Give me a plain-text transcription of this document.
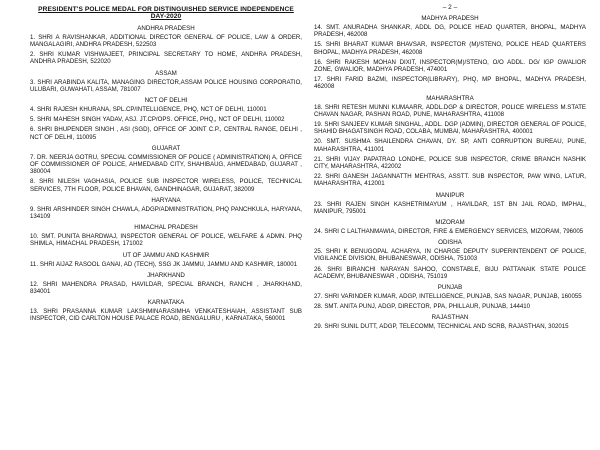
PRESIDENT'S POLICE MEDAL FOR DISTINGUISHED SERVICE INDEPENDENCE DAY-2020
ANDHRA PRADESH
1. SHRI A RAVISHANKAR, ADDITIONAL DIRECTOR GENERAL OF POLICE, LAW & ORDER, MANGALAGIRI, ANDHRA PRADESH, 522503
2. SHRI KUMAR VISHWAJEET, PRINCIPAL SECRETARY TO HOME, ANDHRA PRADESH, ANDHRA PRADESH, 522020
ASSAM
3. SHRI ARABINDA KALITA, MANAGING DIRECTOR,ASSAM POLICE HOUSING CORPORATIO, ULUBARI, GUWAHATI, ASSAM, 781007
NCT OF DELHI
4. SHRI RAJESH KHURANA, SPL.CP/INTELLIGENCE, PHQ, NCT OF DELHI, 110001
5. SHRI MAHESH SINGH YADAV, ASJ. JT.CP/OPS. OFFICE, PHQ,, NCT OF DELHI, 110002
6. SHRI BHUPENDER SINGH , ASI (SGD), OFFICE OF JOINT C.P., CENTRAL RANGE, DELHI , NCT OF DELHI, 110095
GUJARAT
7. DR. NEERJA GOTRU, SPECIAL COMMISSIONER OF POLICE ( ADMINISTRATION) A, OFFICE OF COMMISSIONER OF POLICE, AHMEDABAD CITY, SHAHIBAUG, AHMEDABAD, GUJARAT , 380004
8. SHRI NILESH VAGHASIA, POLICE SUB INSPECTOR WIRELESS, POLICE, TECHNICAL SERVICES, 7TH FLOOR, POLICE BHAVAN, GANDHINAGAR, GUJARAT, 382009
HARYANA
9. SHRI ARSHINDER SINGH CHAWLA, ADGP/ADMINISTRATION, PHQ PANCHKULA, HARYANA, 134109
HIMACHAL PRADESH
10. SMT. PUNITA BHARDWAJ, INSPECTOR GENERAL OF POLICE, WELFARE & ADMN. PHQ SHIMLA, HIMACHAL PRADESH, 171002
UT OF JAMMU AND KASHMIR
11. SHRI AIJAZ RASOOL GANAI, AD (TECH), SSG JK JAMMU, JAMMU AND KASHMIR, 180001
JHARKHAND
12. SHRI MAHENDRA PRASAD, HAVILDAR, SPECIAL BRANCH, RANCHI , JHARKHAND, 834001
KARNATAKA
13. SHRI PRASANNA KUMAR LAKSHMINARASIMHA VENKATESHAIAH, ASSISTANT SUB INSPECTOR, CID CARLTON HOUSE PALACE ROAD, BENGALURU , KARNATAKA, 560001
– 2 –
MADHYA PRADESH
14. SMT. ANURADHA SHANKAR, ADDL DG, POLICE HEAD QUARTER, BHOPAL, MADHYA PRADESH, 462008
15. SHRI BHARAT KUMAR BHAVSAR, INSPECTOR (M)/STENO, POLICE HEAD QUARTERS BHOPAL, MADHYA PRADESH, 462008
16. SHRI RAKESH MOHAN DIXIT, INSPECTOR(M)/STENO, O/O ADDL. DG/ IGP GWALIOR ZONE, GWALIOR, MADHYA PRADESH, 474001
17. SHRI FARID BAZMI, INSPECTOR(LIBRARY), PHQ, MP BHOPAL, MADHYA PRADESH, 462008
MAHARASHTRA
18. SHRI RETESH MUNNI KUMAARR, ADDL.DGP & DIRECTOR, POLICE WIRELESS M.STATE CHAVAN NAGAR, PASHAN ROAD, PUNE, MAHARASHTRA, 411008
19. SHRI SANJEEV KUMAR SINGHAL, ADDL. DGP (ADMIN), DIRECTOR GENERAL OF POLICE, SHAHID BHAGATSINGH ROAD, COLABA, MUMBAI, MAHARASHTRA, 400001
20. SMT. SUSHMA SHAILENDRA CHAVAN, DY. SP, ANTI CORRUPTION BUREAU, PUNE, MAHARASHTRA, 411001
21. SHRI VIJAY PAPATRAO LONDHE, POLICE SUB INSPECTOR, CRIME BRANCH NASHIK CITY, MAHARASHTRA, 422002
22. SHRI GANESH JAGANNATTH MEHTRAS, ASSTT. SUB INSPECTOR, PAW WING, LATUR, MAHARASHTRA, 412001
MANIPUR
23. SHRI RAJEN SINGH KASHETRIMAYUM , HAVILDAR, 1ST BN JAIL ROAD, IMPHAL, MANIPUR, 795001
MIZORAM
24. SHRI C LALTHANMAWIA, DIRECTOR, FIRE & EMERGENCY SERVICES, MIZORAM, 796005
ODISHA
25. SHRI K BENUGOPAL ACHARYA, IN CHARGE DEPUTY SUPERINTENDENT OF POLICE, VIGILANCE DIVISION, BHUBANESWAR, ODISHA, 751003
26. SHRI BIRANCHI NARAYAN SAHOO, CONSTABLE, BIJU PATTANAIK STATE POLICE ACADEMY, BHUBANESWAR , ODISHA, 751019
PUNJAB
27. SHRI VARINDER KUMAR, ADGP, INTELLIGENCE, PUNJAB, SAS NAGAR, PUNJAB, 160055
28. SMT. ANITA PUNJ, ADGP, DIRECTOR, PPA, PHILLAUR, PUNJAB, 144410
RAJASTHAN
29. SHRI SUNIL DUTT, ADGP, TELECOMM, TECHNICAL AND SCRB, RAJASTHAN, 302015
